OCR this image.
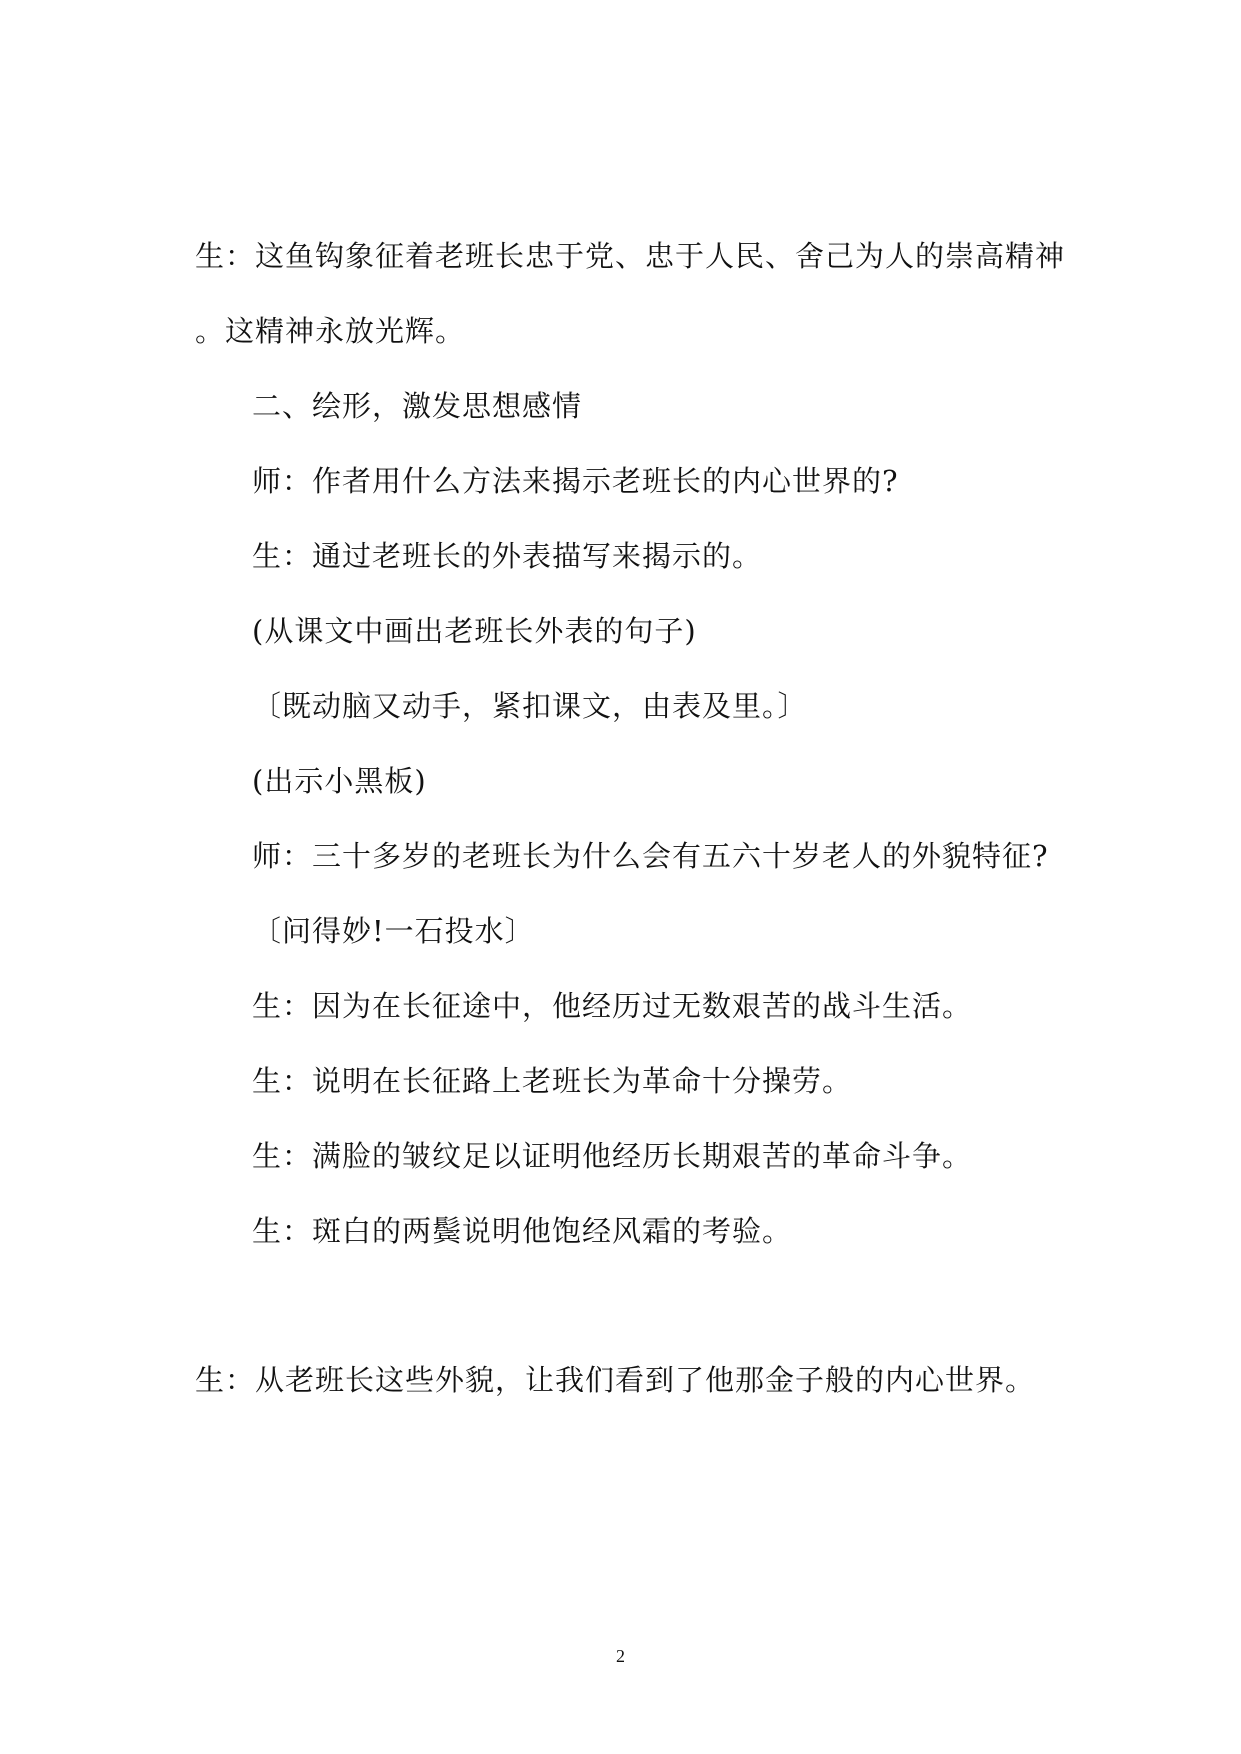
生：这鱼钩象征着老班长忠于党、忠于人民、舍己为人的崇高精神
。这精神永放光辉。
二、绘形，激发思想感情
师：作者用什么方法来揭示老班长的内心世界的?
生：通过老班长的外表描写来揭示的。
(从课文中画出老班长外表的句子)
〔既动脑又动手，紧扣课文，由表及里。〕
(出示小黑板)
师：三十多岁的老班长为什么会有五六十岁老人的外貌特征?
〔问得妙!一石投水〕
生：因为在长征途中，他经历过无数艰苦的战斗生活。
生：说明在长征路上老班长为革命十分操劳。
生：满脸的皱纹足以证明他经历长期艰苦的革命斗争。
生：斑白的两鬓说明他饱经风霜的考验。
生：从老班长这些外貌，让我们看到了他那金子般的内心世界。
2
